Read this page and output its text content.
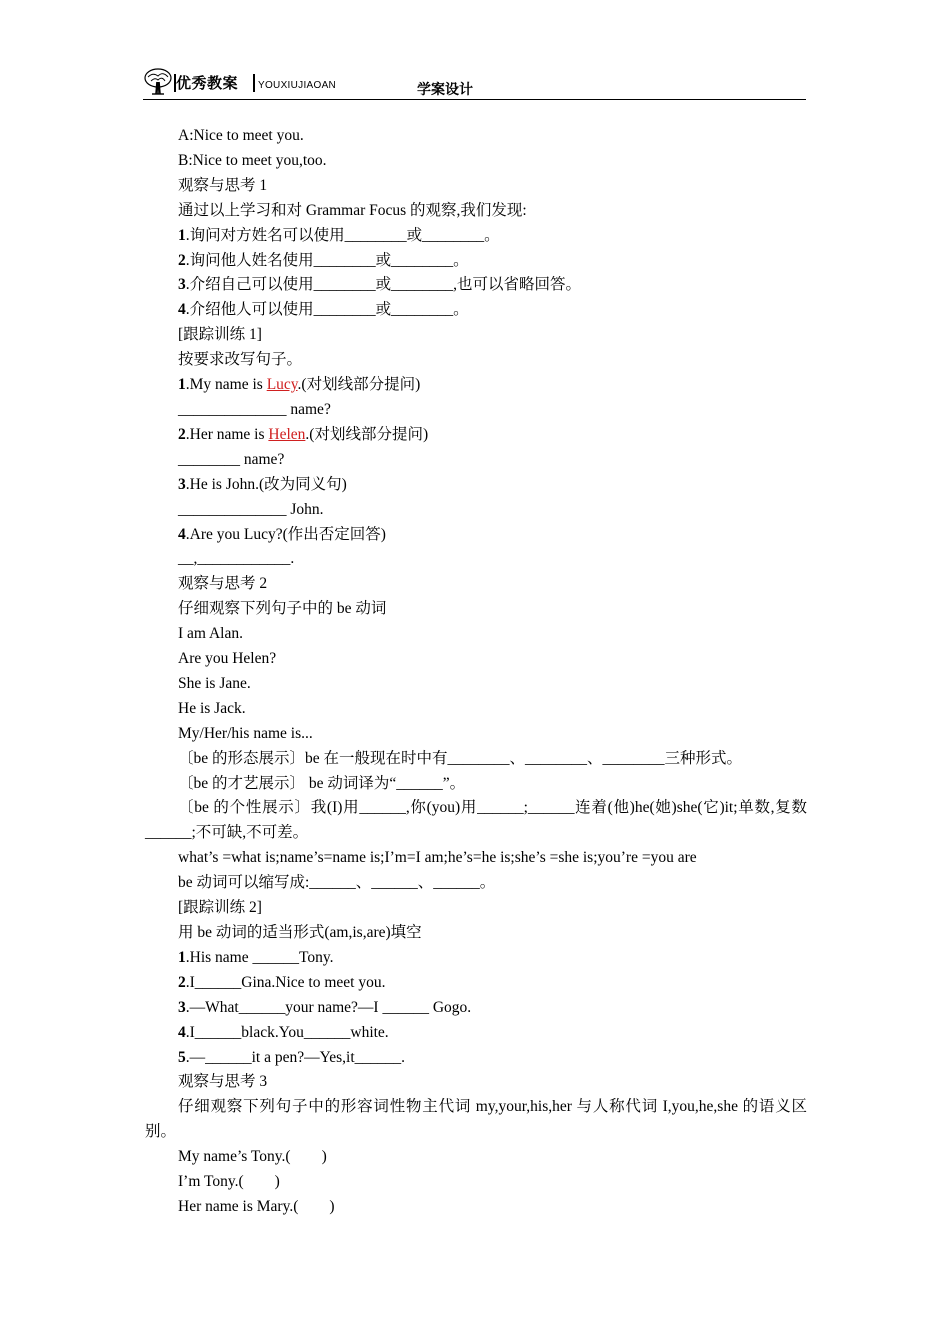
优秀教案 YOUXIUJIAOAN	学案设计
A:Nice to meet you.
B:Nice to meet you,too.
观察与思考 1
通过以上学习和对 Grammar Focus 的观察,我们发现:
1.询问对方姓名可以使用________或________。
2.询问他人姓名使用________或________。
3.介绍自己可以使用________或________,也可以省略回答。
4.介绍他人可以使用________或________。
[跟踪训练 1]
按要求改写句子。
1.My name is Lucy.(对划线部分提问)
______________ name?
2.Her name is Helen.(对划线部分提问)
________ name?
3.He is John.(改为同义句)
______________ John.
4.Are you Lucy?(作出否定回答)
__,____________.
观察与思考 2
仔细观察下列句子中的 be 动词
I am Alan.
Are you Helen?
She is Jane.
He is Jack.
My/Her/his name is...
〔be 的形态展示〕be 在一般现在时中有________、________、________三种形式。
〔be 的才艺展示〕 be 动词译为“______”。
〔be 的个性展示〕我(I)用______,你(you)用______;______连着(他)he(她)she(它)it;单数,复数______;不可缺,不可差。
what’s =what is;name’s=name is;I’m=I am;he’s=he is;she’s =she is;you’re =you are
be 动词可以缩写成:______、______、______。
[跟踪训练 2]
用 be 动词的适当形式(am,is,are)填空
1.His name ______Tony.
2.I______Gina.Nice to meet you.
3.—What______your name?—I ______ Gogo.
4.I______black.You______white.
5.—______it a pen?—Yes,it______.
观察与思考 3
仔细观察下列句子中的形容词性物主代词 my,your,his,her 与人称代词 I,you,he,she 的语义区别。
My name’s Tony.(　　)
I’m Tony.(　　)
Her name is Mary.(　　)
